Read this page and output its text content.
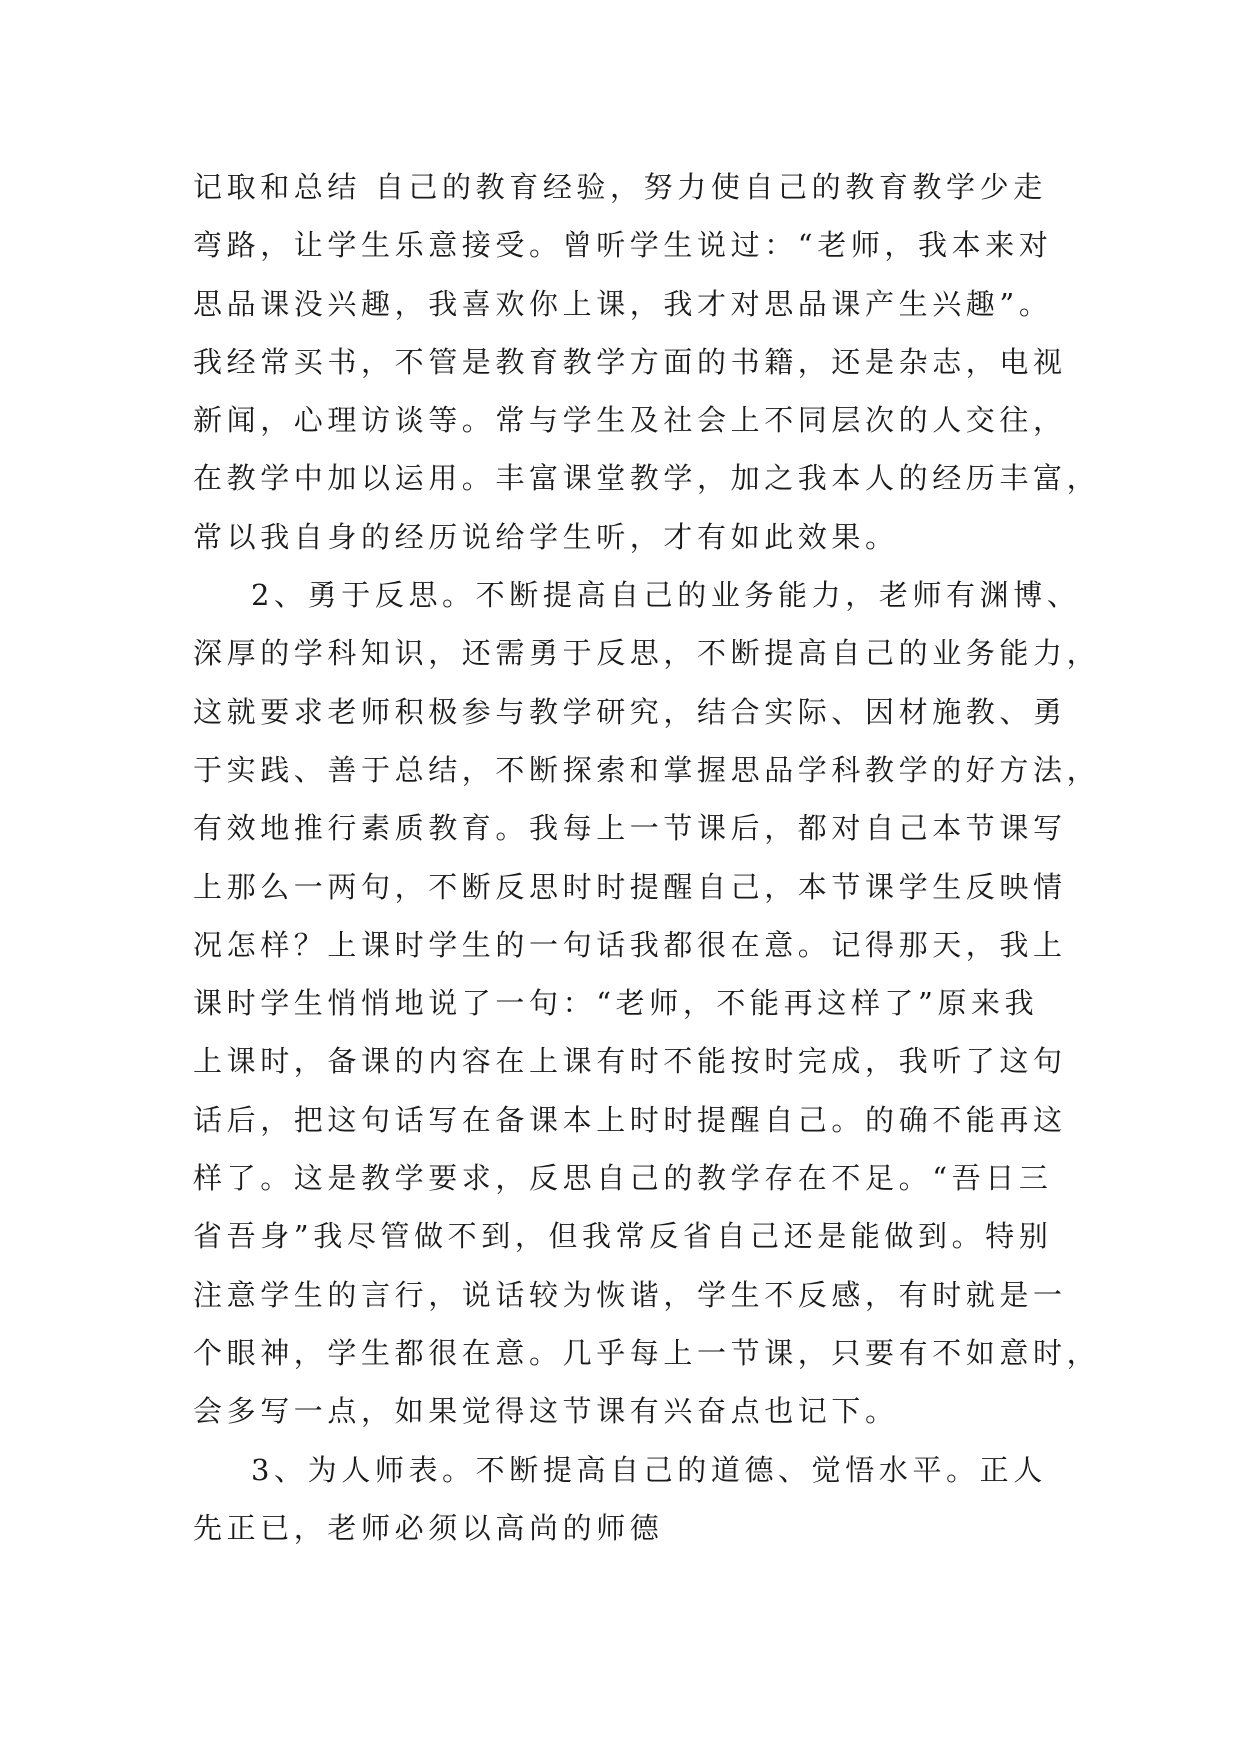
记取和总结 自己的教育经验，努力使自己的教育教学少走
弯路，让学生乐意接受。曾听学生说过：“老师，我本来对
思品课没兴趣，我喜欢你上课，我才对思品课产生兴趣”。
我经常买书，不管是教育教学方面的书籍，还是杂志，电视
新闻，心理访谈等。常与学生及社会上不同层次的人交往，
在教学中加以运用。丰富课堂教学，加之我本人的经历丰富，
常以我自身的经历说给学生听，才有如此效果。
2、勇于反思。不断提高自己的业务能力，老师有渊博、
深厚的学科知识，还需勇于反思，不断提高自己的业务能力，
这就要求老师积极参与教学研究，结合实际、因材施教、勇
于实践、善于总结，不断探索和掌握思品学科教学的好方法，
有效地推行素质教育。我每上一节课后，都对自己本节课写
上那么一两句，不断反思时时提醒自己，本节课学生反映情
况怎样？上课时学生的一句话我都很在意。记得那天，我上
课时学生悄悄地说了一句：“老师，不能再这样了”原来我
上课时，备课的内容在上课有时不能按时完成，我听了这句
话后，把这句话写在备课本上时时提醒自己。的确不能再这
样了。这是教学要求，反思自己的教学存在不足。“吾日三
省吾身”我尽管做不到，但我常反省自己还是能做到。特别
注意学生的言行，说话较为恢谐，学生不反感，有时就是一
个眼神，学生都很在意。几乎每上一节课，只要有不如意时，
会多写一点，如果觉得这节课有兴奋点也记下。
3、为人师表。不断提高自己的道德、觉悟水平。正人
先正已，老师必须以高尚的师德
